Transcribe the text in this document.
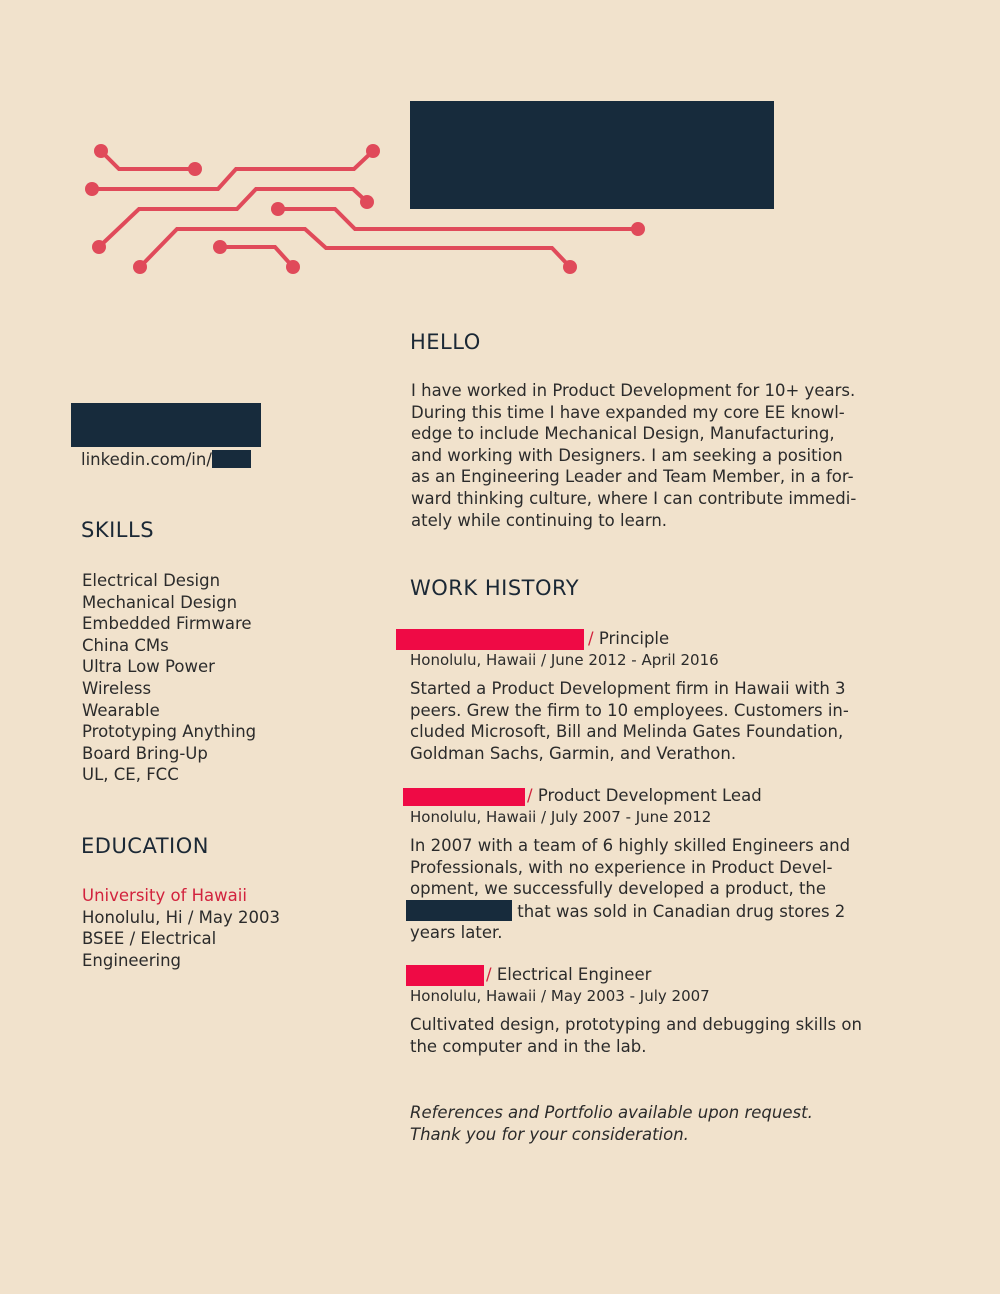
linkedin.com/in/
SKILLS
Electrical Design
Mechanical Design
Embedded Firmware
China CMs
Ultra Low Power
Wireless
Wearable
Prototyping Anything
Board Bring-Up
UL, CE, FCC
EDUCATION
University of Hawaii
Honolulu, Hi / May 2003
BSEE / Electrical
Engineering
HELLO
I have worked in Product Development for 10+ years.
During this time I have expanded my core EE knowl-
edge to include Mechanical Design, Manufacturing,
and working with Designers. I am seeking a position
as an Engineering Leader and Team Member, in a for-
ward thinking culture, where I can contribute immedi-
ately while continuing to learn.
WORK HISTORY
/ Principle
Honolulu, Hawaii / June 2012 - April 2016
Started a Product Development firm in Hawaii with 3
peers. Grew the firm to 10 employees. Customers in-
cluded Microsoft, Bill and Melinda Gates Foundation,
Goldman Sachs, Garmin, and Verathon.
/ Product Development Lead
Honolulu, Hawaii / July 2007 - June 2012
In 2007 with a team of 6 highly skilled Engineers and
Professionals, with no experience in Product Devel-
opment, we successfully developed a product, the
that was sold in Canadian drug stores 2
years later.
/ Electrical Engineer
Honolulu, Hawaii / May 2003 - July 2007
Cultivated design, prototyping and debugging skills on
the computer and in the lab.
References and Portfolio available upon request.
Thank you for your consideration.
